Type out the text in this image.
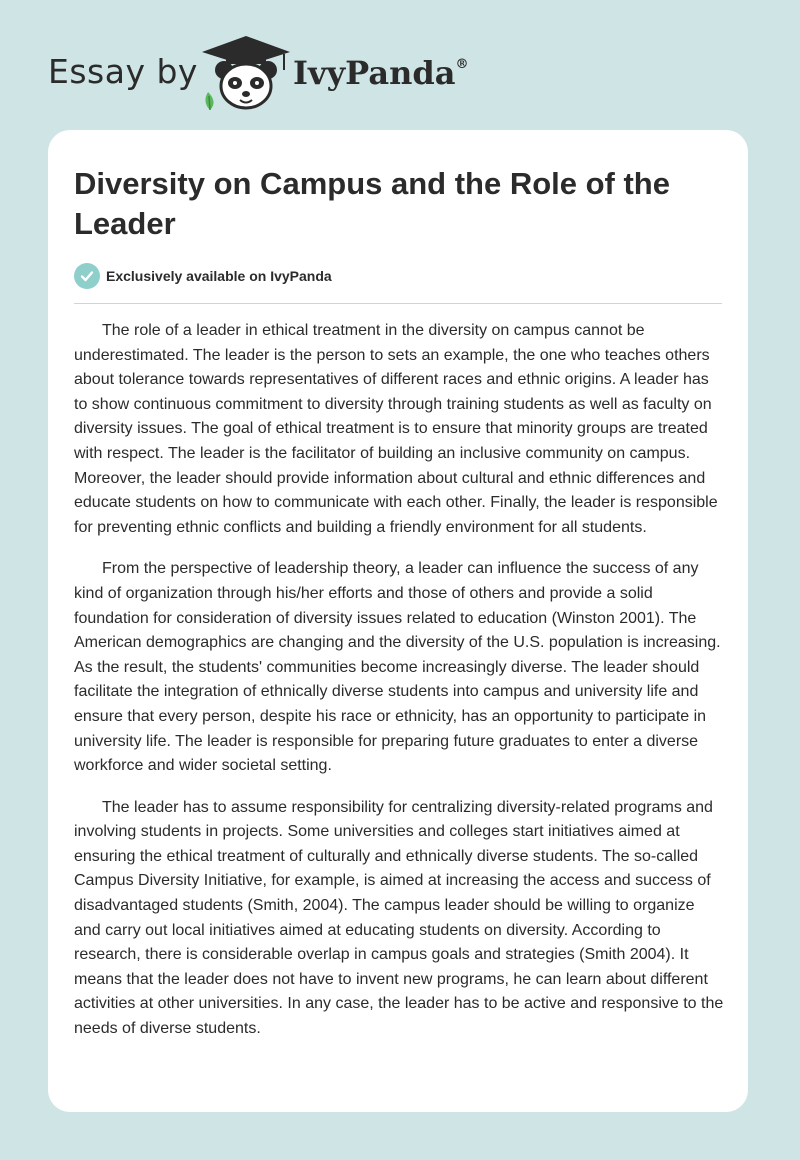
Essay by	IvyPanda®
Diversity on Campus and the Role of the Leader
Exclusively available on IvyPanda

The role of a leader in ethical treatment in the diversity on campus cannot be underestimated. The leader is the person to sets an example, the one who teaches others about tolerance towards representatives of different races and ethnic origins. A leader has to show continuous commitment to diversity through training students as well as faculty on diversity issues. The goal of ethical treatment is to ensure that minority groups are treated with respect. The leader is the facilitator of building an inclusive community on campus. Moreover, the leader should provide information about cultural and ethnic differences and educate students on how to communicate with each other. Finally, the leader is responsible for preventing ethnic conflicts and building a friendly environment for all students.

From the perspective of leadership theory, a leader can influence the success of any kind of organization through his/her efforts and those of others and provide a solid foundation for consideration of diversity issues related to education (Winston 2001). The American demographics are changing and the diversity of the U.S. population is increasing. As the result, the students' communities become increasingly diverse. The leader should facilitate the integration of ethnically diverse students into campus and university life and ensure that every person, despite his race or ethnicity, has an opportunity to participate in university life. The leader is responsible for preparing future graduates to enter a diverse workforce and wider societal setting.

The leader has to assume responsibility for centralizing diversity-related programs and involving students in projects. Some universities and colleges start initiatives aimed at ensuring the ethical treatment of culturally and ethnically diverse students. The so-called Campus Diversity Initiative, for example, is aimed at increasing the access and success of disadvantaged students (Smith, 2004). The campus leader should be willing to organize and carry out local initiatives aimed at educating students on diversity. According to research, there is considerable overlap in campus goals and strategies (Smith 2004). It means that the leader does not have to invent new programs, he can learn about different activities at other universities. In any case, the leader has to be active and responsive to the needs of diverse students.
